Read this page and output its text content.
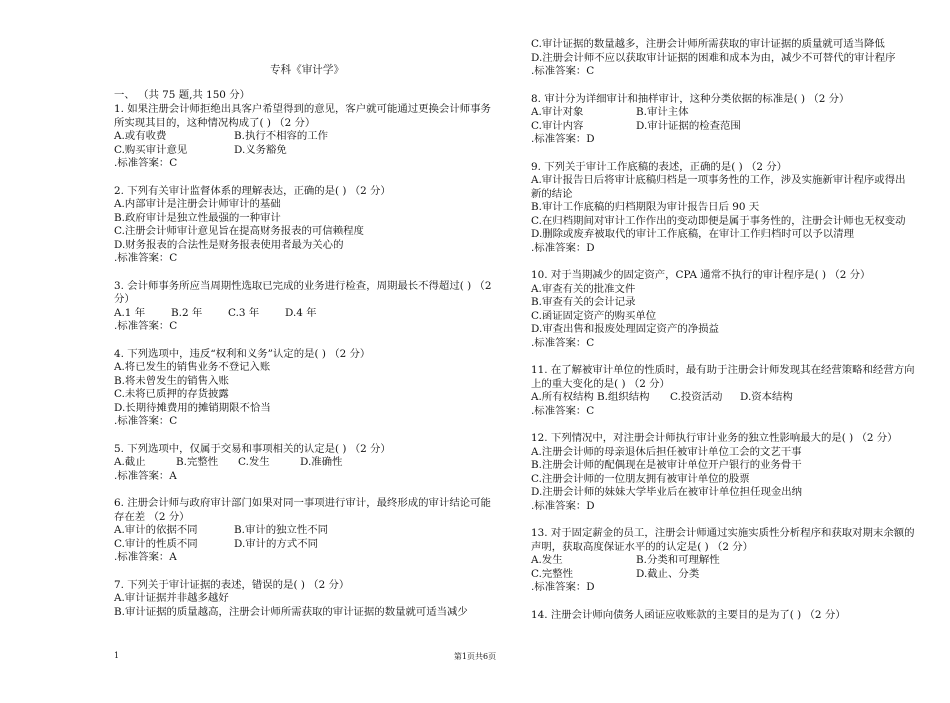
专科《审计学》
一、 （共 75 题,共 150 分）

1. 如果注册会计师拒绝出具客户希望得到的意见，客户就可能通过更换会计师事务所实现其目的，这种情况构成了( ) （2 分）

A.或有收费	B.执行不相容的工作
C.购买审计意见	D.义务豁免

.标准答案：C

2. 下列有关审计监督体系的理解表达，正确的是( ) （2 分）

A.内部审计是注册会计师审计的基础

B.政府审计是独立性最强的一种审计

C.注册会计师审计意见旨在提高财务报表的可信赖程度

D.财务报表的合法性是财务报表使用者最为关心的

.标准答案：C

3. 会计师事务所应当周期性选取已完成的业务进行检查，周期最长不得超过( ) （2 分）

A.1 年	B.2 年	C.3 年	D.4 年

.标准答案：C

4. 下列选项中，违反“权利和义务”认定的是( ) （2 分）

A.将已发生的销售业务不登记入账

B.将未曾发生的销售入账

C.未将已质押的存货披露

D.长期待摊费用的摊销期限不恰当

.标准答案：C

5. 下列选项中，仅属于交易和事项相关的认定是( ) （2 分）

A.截止	B.完整性	C.发生	D.准确性

.标准答案：A

6. 注册会计师与政府审计部门如果对同一事项进行审计，最终形成的审计结论可能存在差 （2 分）

A.审计的依据不同	B.审计的独立性不同
C.审计的性质不同	D.审计的方式不同

.标准答案：A

7. 下列关于审计证据的表述，错误的是( ) （2 分）

A.审计证据并非越多越好

B.审计证据的质量越高，注册会计师所需获取的审计证据的数量就可适当减少

C.审计证据的数量越多，注册会计师所需获取的审计证据的质量就可适当降低

D.注册会计师不应以获取审计证据的困难和成本为由，减少不可替代的审计程序

.标准答案：C

8. 审计分为详细审计和抽样审计，这种分类依据的标准是( ) （2 分）

A.审计对象	B.审计主体
C.审计内容	D.审计证据的检查范围

.标准答案：D

9. 下列关于审计工作底稿的表述，正确的是( ) （2 分）

A.审计报告日后将审计底稿归档是一项事务性的工作，涉及实施新审计程序或得出新的结论

B.审计工作底稿的归档期限为审计报告日后 90 天

C.在归档期间对审计工作作出的变动即便是属于事务性的，注册会计师也无权变动

D.删除或废弃被取代的审计工作底稿，在审计工作归档时可以予以清理

.标准答案：D

10. 对于当期减少的固定资产，CPA 通常不执行的审计程序是( ) （2 分）

A.审查有关的批准文件

B.审查有关的会计记录

C.函证固定资产的购买单位

D.审查出售和报废处理固定资产的净损益

.标准答案：C

11. 在了解被审计单位的性质时，最有助于注册会计师发现其在经营策略和经营方向上的重大变化的是( ) （2 分）

A.所有权结构 B.组织结构	C.投资活动	D.资本结构

.标准答案：C

12. 下列情况中，对注册会计师执行审计业务的独立性影响最大的是( ) （2 分）

A.注册会计师的母亲退休后担任被审计单位工会的文艺干事

B.注册会计师的配偶现在是被审计单位开户银行的业务骨干

C.注册会计师的一位朋友拥有被审计单位的股票

D.注册会计师的妹妹大学毕业后在被审计单位担任现金出纳

.标准答案：D

13. 对于固定薪金的员工，注册会计师通过实施实质性分析程序和获取对期末余额的声明，获取高度保证水平的的认定是( ) （2 分）

A.发生	B.分类和可理解性
C.完整性	D.截止、分类

.标准答案：D

14. 注册会计师向债务人函证应收账款的主要目的是为了( ) （2 分）

1	第1页共6页
